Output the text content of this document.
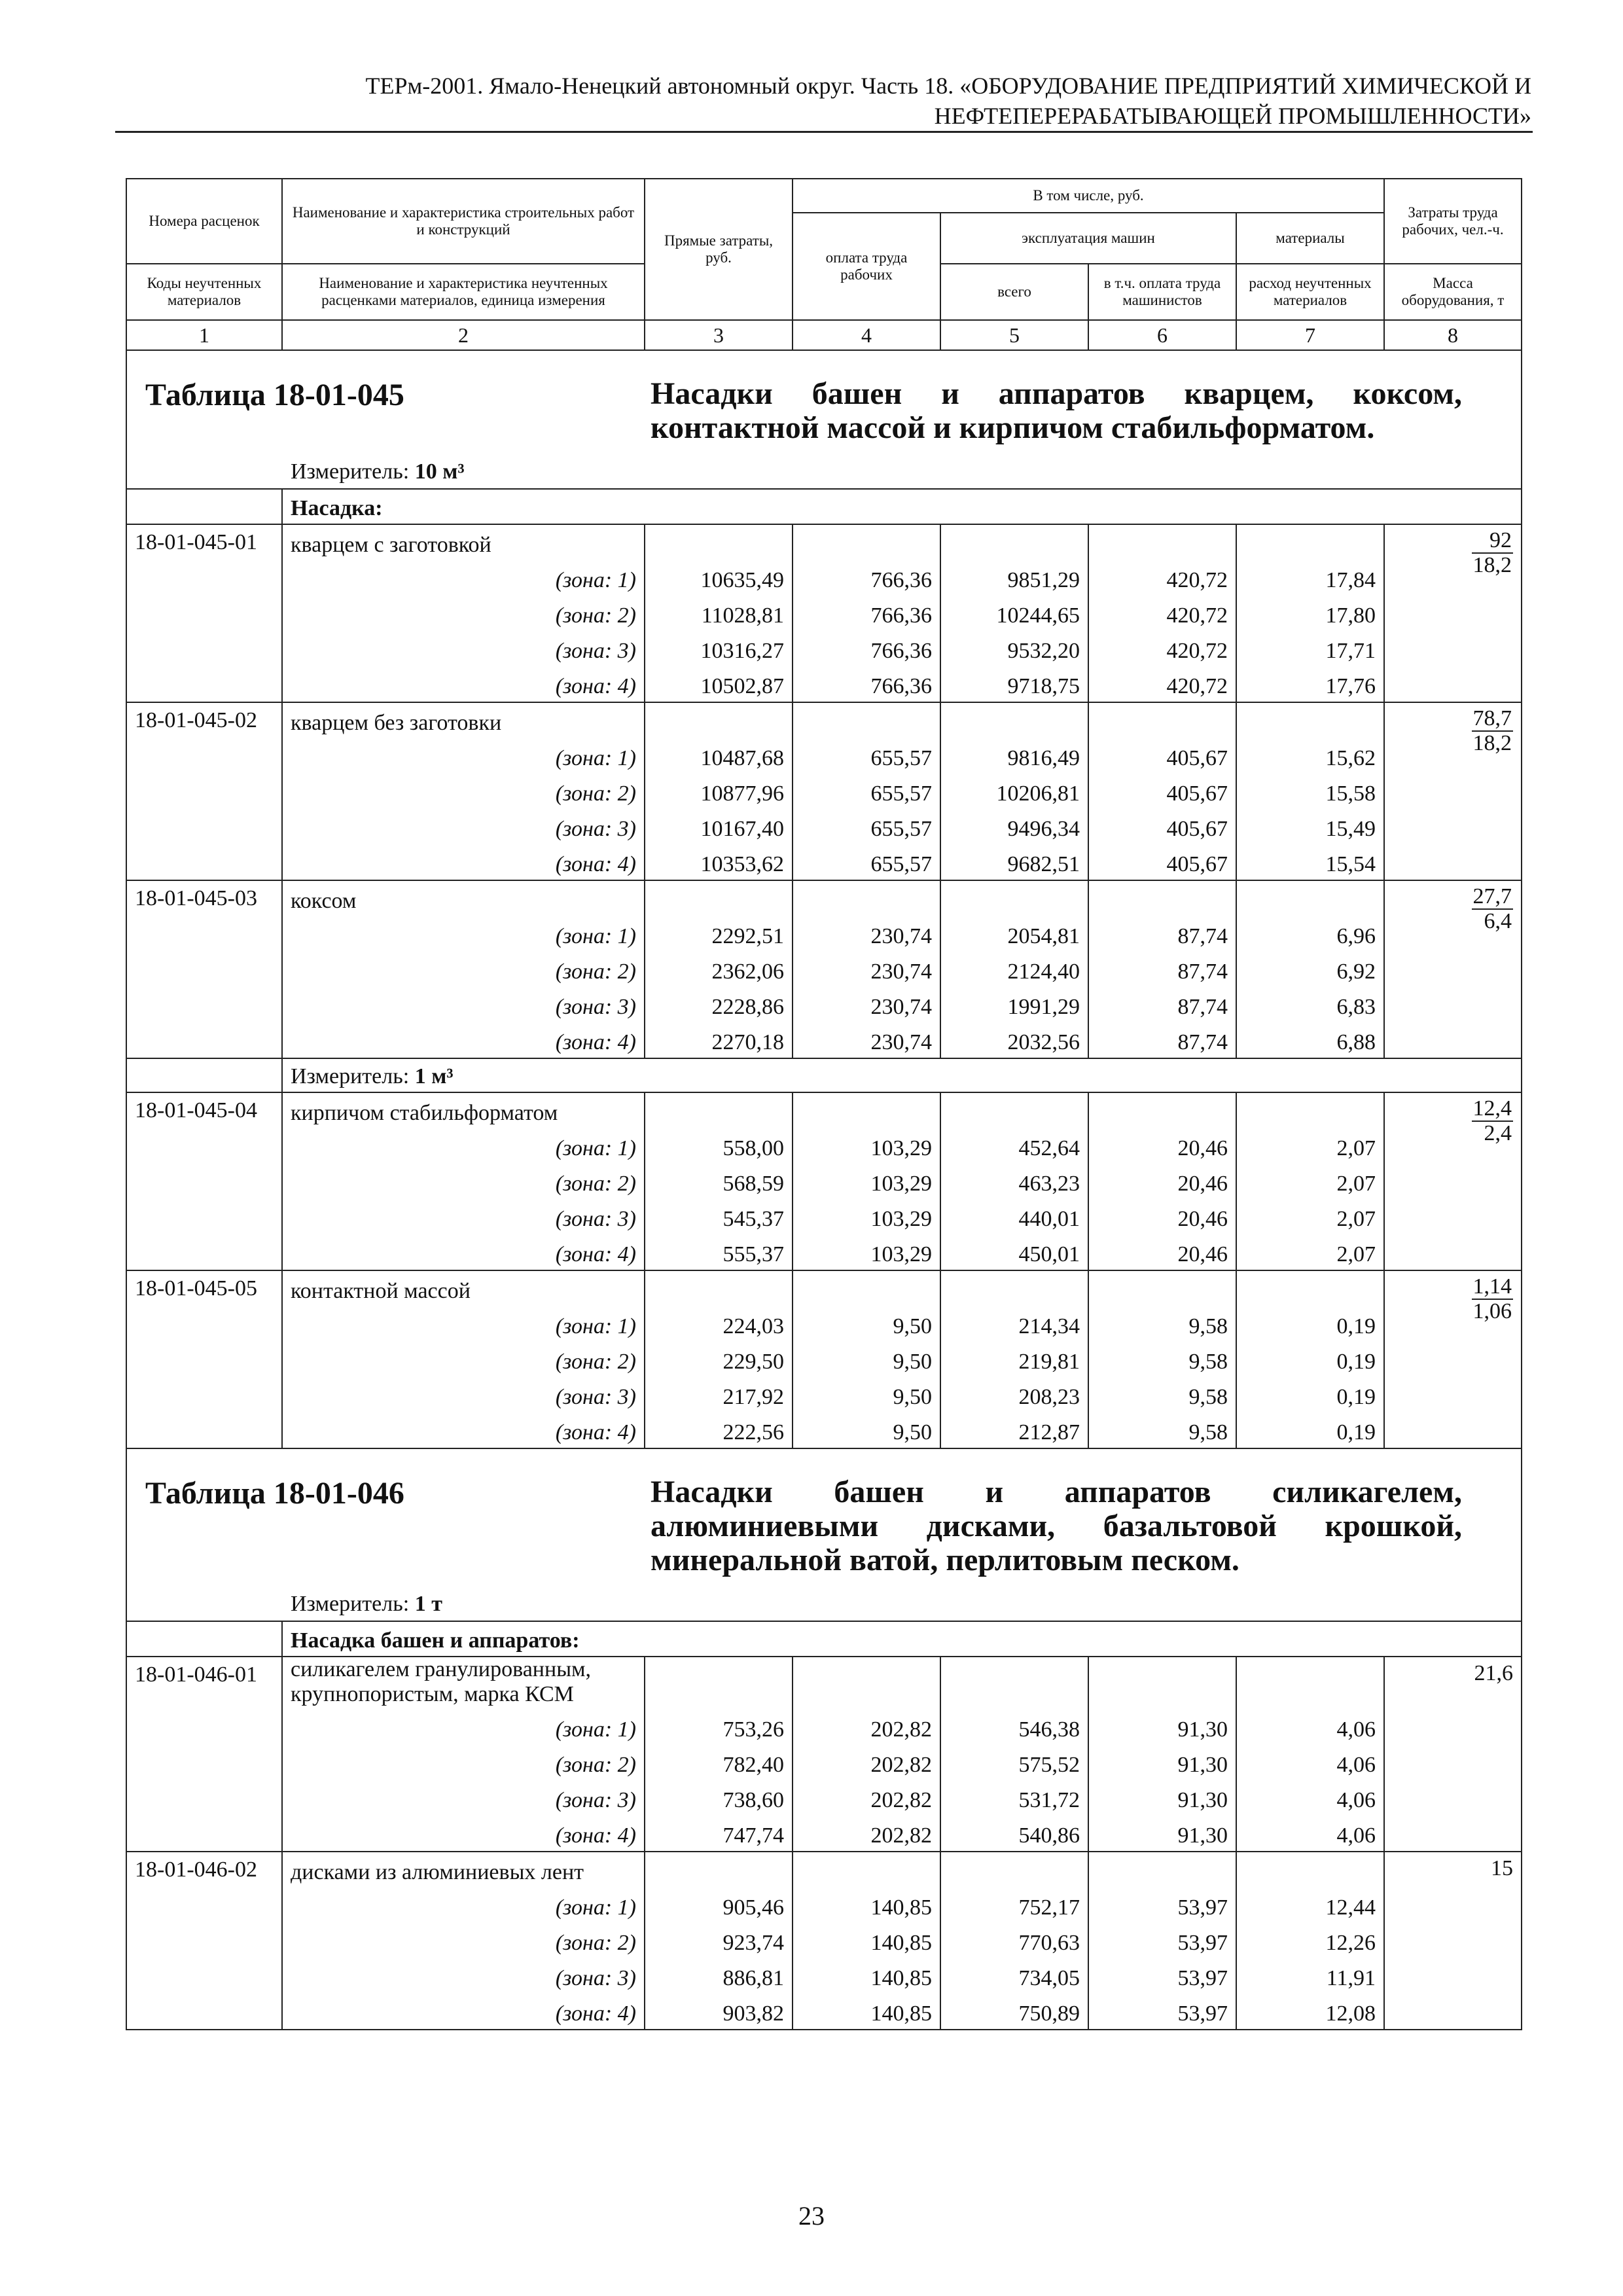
ТЕРм-2001. Ямало-Ненецкий автономный округ. Часть 18. «ОБОРУДОВАНИЕ ПРЕДПРИЯТИЙ ХИМИЧЕСКОЙ И
НЕФТЕПЕРЕРАБАТЫВАЮЩЕЙ ПРОМЫШЛЕННОСТИ»
Номера расценок	Наименование и характеристика строительных работ и конструкций	Прямые затраты, руб.	В том числе, руб.				Затраты труда рабочих, чел.-ч.
			оплата труда рабочих	эксплуатация машин		материалы	
Коды неучтенных материалов	Наименование и характеристика неучтенных расценками материалов, единица измерения			всего	в т.ч. оплата труда машинистов	расход неучтенных материалов	Масса оборудования, т
1	2	3	4	5	6	7	8

Таблица 18-01-045 Насадки башен и аппаратов кварцем, коксом, контактной массой и кирпичом стабильформатом.
Измеритель: 10 м³							

	Насадка:						
18-01-045-01	кварцем с заготовкой						$\frac{92}{18,2}$

	(зона: 1)	10635,49	766,36	9851,29	420,72	17,84	
	(зона: 2)	11028,81	766,36	10244,65	420,72	17,80	
	(зона: 3)	10316,27	766,36	9532,20	420,72	17,71	
	(зона: 4)	10502,87	766,36	9718,75	420,72	17,76	
18-01-045-02	кварцем без заготовки						$\frac{78,7}{18,2}$

	(зона: 1)	10487,68	655,57	9816,49	405,67	15,62	
	(зона: 2)	10877,96	655,57	10206,81	405,67	15,58	
	(зона: 3)	10167,40	655,57	9496,34	405,67	15,49	
	(зона: 4)	10353,62	655,57	9682,51	405,67	15,54	
18-01-045-03	коксом						$\frac{27,7}{6,4}$

	(зона: 1)	2292,51	230,74	2054,81	87,74	6,96	
	(зона: 2)	2362,06	230,74	2124,40	87,74	6,92	
	(зона: 3)	2228,86	230,74	1991,29	87,74	6,83	
	(зона: 4)	2270,18	230,74	2032,56	87,74	6,88	
	Измеритель: 1 м³						
18-01-045-04	кирпичом стабильформатом						$\frac{12,4}{2,4}$

	(зона: 1)	558,00	103,29	452,64	20,46	2,07	
	(зона: 2)	568,59	103,29	463,23	20,46	2,07	
	(зона: 3)	545,37	103,29	440,01	20,46	2,07	
	(зона: 4)	555,37	103,29	450,01	20,46	2,07	
18-01-045-05	контактной массой						$\frac{1,14}{1,06}$

	(зона: 1)	224,03	9,50	214,34	9,58	0,19	
	(зона: 2)	229,50	9,50	219,81	9,58	0,19	
	(зона: 3)	217,92	9,50	208,23	9,58	0,19	
	(зона: 4)	222,56	9,50	212,87	9,58	0,19	

Таблица 18-01-046 Насадки башен и аппаратов силикагелем, алюминиевыми дисками, базальтовой крошкой, минеральной ватой, перлитовым песком.
Измеритель: 1 т							

	Насадка башен и аппаратов:						
18-01-046-01	силикагелем гранулированным, крупнопористым, марка КСМ						21,6
	(зона: 1)	753,26	202,82	546,38	91,30	4,06	
	(зона: 2)	782,40	202,82	575,52	91,30	4,06	
	(зона: 3)	738,60	202,82	531,72	91,30	4,06	
	(зона: 4)	747,74	202,82	540,86	91,30	4,06	
18-01-046-02	дисками из алюминиевых лент						15
	(зона: 1)	905,46	140,85	752,17	53,97	12,44	
	(зона: 2)	923,74	140,85	770,63	53,97	12,26	
	(зона: 3)	886,81	140,85	734,05	53,97	11,91	
	(зона: 4)	903,82	140,85	750,89	53,97	12,08	
23
